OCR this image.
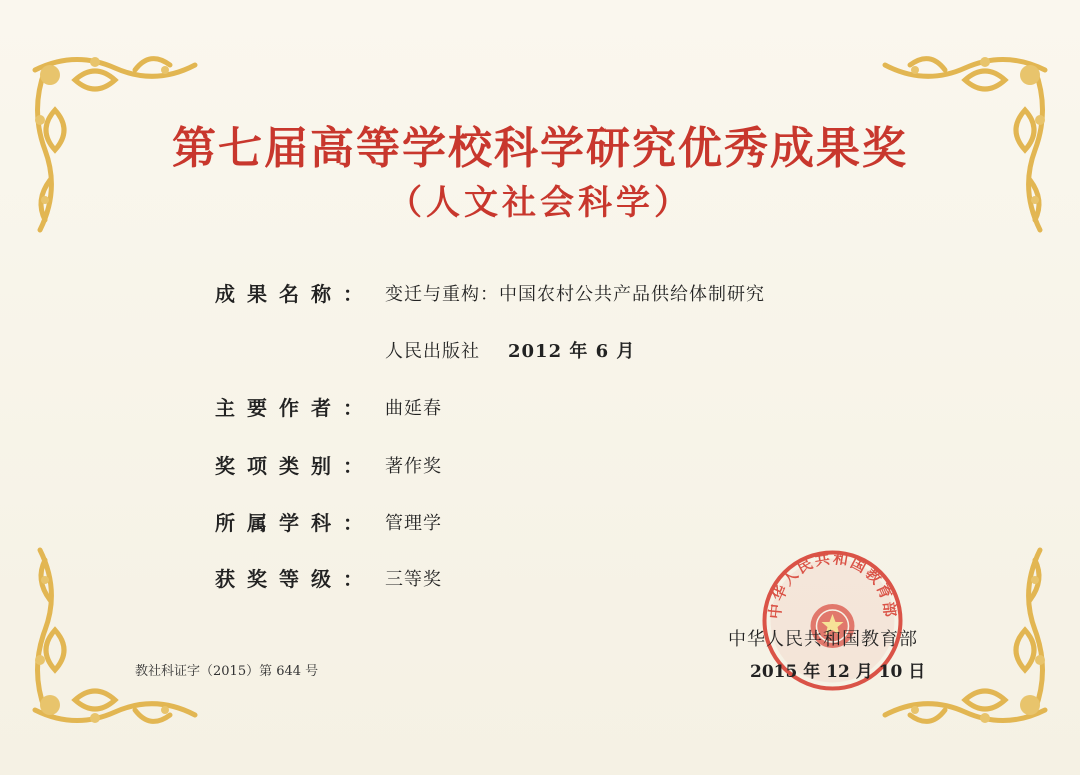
第七届高等学校科学研究优秀成果奖
（人文社会科学）
成果名称： 变迁与重构：中国农村公共产品供给体制研究
人民出版社 2012 年 6 月
主要作者： 曲延春
奖项类别： 著作奖
所属学科： 管理学
获奖等级： 三等奖
教社科证字（2015）第 644 号
中华人民共和国教育部
中华人民共和国教育部
2015 年 12 月 10 日
